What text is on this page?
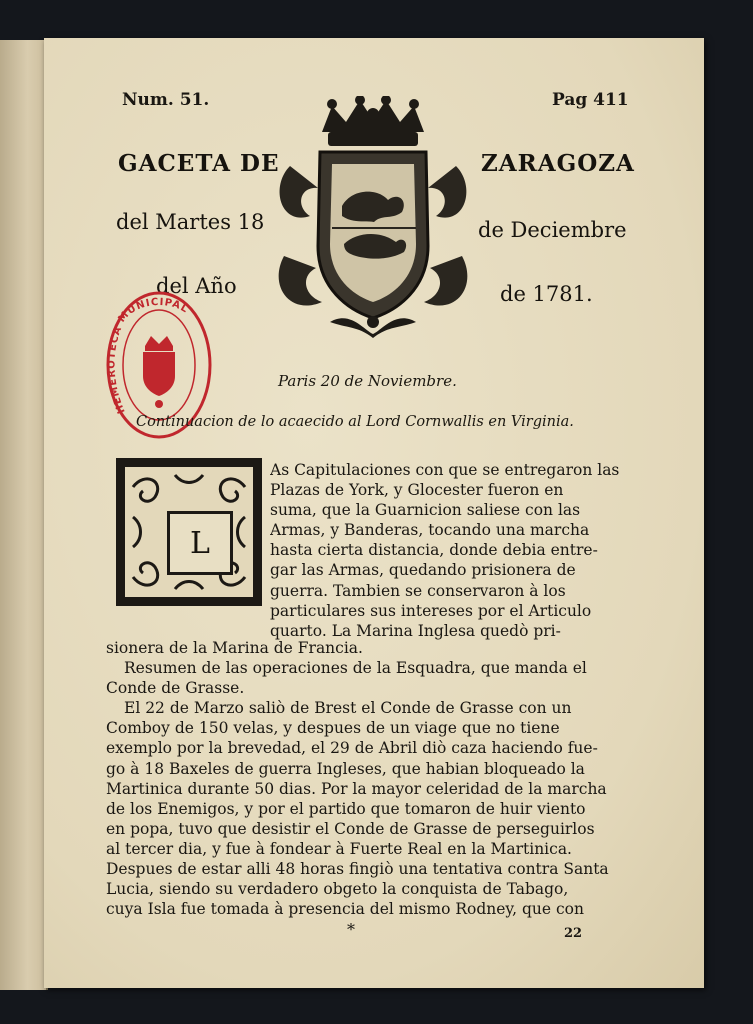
Num. 51.	Pag 411
GACETA DE	ZARAGOZA
del Martes 18	de Deciembre
del Año	de 1781.
HEMEROTECA MUNICIPAL
Paris 20 de Noviembre.
Continuacion de lo acaecido al Lord Cornwallis en Virginia.
L
As Capitulaciones con que se entregaron las
Plazas de York, y Glocester fueron en
suma, que la Guarnicion saliese con las
Armas, y Banderas, tocando una marcha
hasta cierta distancia, donde debia entre-
gar las Armas, quedando prisionera de
guerra. Tambien se conservaron à los
particulares sus intereses por el Articulo
quarto. La Marina Inglesa quedò pri-
sionera de la Marina de Francia.
Resumen de las operaciones de la Esquadra, que manda el
Conde de Grasse.
El 22 de Marzo saliò de Brest el Conde de Grasse con un
Comboy de 150 velas, y despues de un viage que no tiene
exemplo por la brevedad, el 29 de Abril diò caza haciendo fue-
go à 18 Baxeles de guerra Ingleses, que habian bloqueado la
Martinica durante 50 dias. Por la mayor celeridad de la marcha
de los Enemigos, y por el partido que tomaron de huir viento
en popa, tuvo que desistir el Conde de Grasse de perseguirlos
al tercer dia, y fue à fondear à Fuerte Real en la Martinica.
Despues de estar alli 48 horas fingiò una tentativa contra Santa
Lucia, siendo su verdadero obgeto la conquista de Tabago,
cuya Isla fue tomada à presencia del mismo Rodney, que con
*	22
